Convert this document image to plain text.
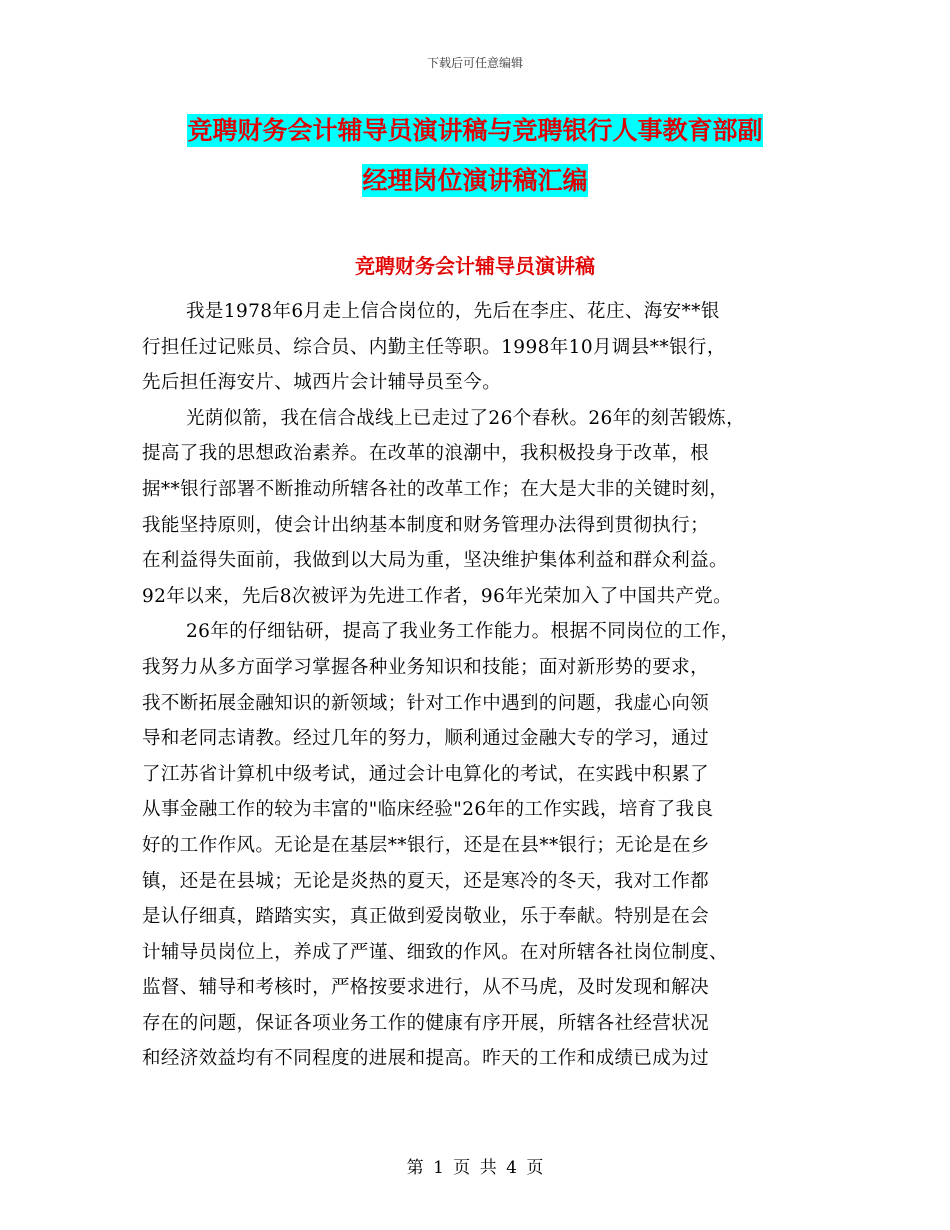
下载后可任意编辑
竞聘财务会计辅导员演讲稿与竞聘银行人事教育部副
经理岗位演讲稿汇编
竞聘财务会计辅导员演讲稿
我是1978年6月走上信合岗位的，先后在李庄、花庄、海安**银
行担任过记账员、综合员、内勤主任等职。1998年10月调县**银行，
先后担任海安片、城西片会计辅导员至今。
光荫似箭，我在信合战线上已走过了26个春秋。26年的刻苦锻炼，
提高了我的思想政治素养。在改革的浪潮中，我积极投身于改革，根
据**银行部署不断推动所辖各社的改革工作；在大是大非的关键时刻，
我能坚持原则，使会计出纳基本制度和财务管理办法得到贯彻执行；
在利益得失面前，我做到以大局为重，坚决维护集体利益和群众利益。
92年以来，先后8次被评为先进工作者，96年光荣加入了中国共产党。
26年的仔细钻研，提高了我业务工作能力。根据不同岗位的工作，
我努力从多方面学习掌握各种业务知识和技能；面对新形势的要求，
我不断拓展金融知识的新领域；针对工作中遇到的问题，我虚心向领
导和老同志请教。经过几年的努力，顺利通过金融大专的学习，通过
了江苏省计算机中级考试，通过会计电算化的考试，在实践中积累了
从事金融工作的较为丰富的"临床经验"26年的工作实践，培育了我良
好的工作作风。无论是在基层**银行，还是在县**银行；无论是在乡
镇，还是在县城；无论是炎热的夏天，还是寒冷的冬天，我对工作都
是认仔细真，踏踏实实，真正做到爱岗敬业，乐于奉献。特别是在会
计辅导员岗位上，养成了严谨、细致的作风。在对所辖各社岗位制度、
监督、辅导和考核时，严格按要求进行，从不马虎，及时发现和解决
存在的问题，保证各项业务工作的健康有序开展，所辖各社经营状况
和经济效益均有不同程度的进展和提高。昨天的工作和成绩已成为过
第 1 页 共 4 页
